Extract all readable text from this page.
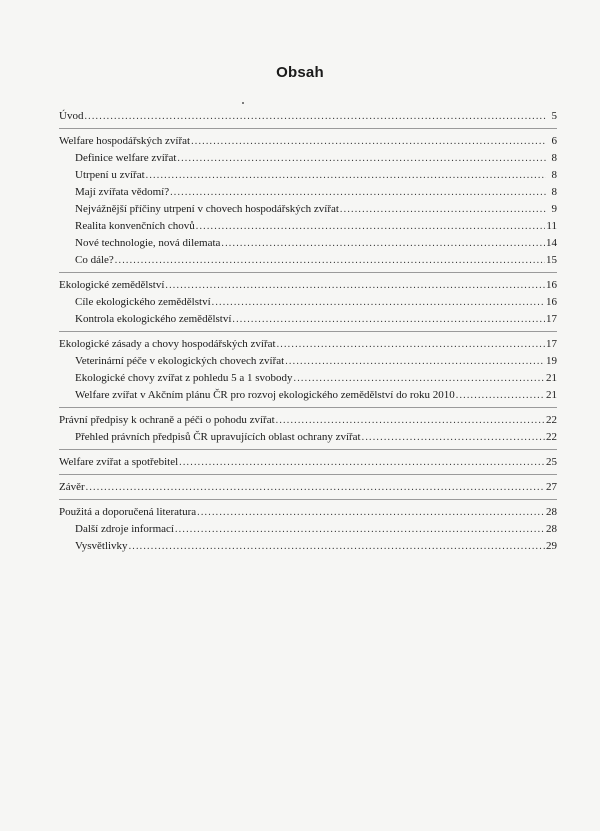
Obsah
Úvod .....	5
Welfare hospodářských zvířat .....	6
Definice welfare zvířat .....	8
Utrpení u zvířat .....	8
Mají zvířata vědomí? .....	8
Nejvážnější příčiny utrpení v chovech hospodářských zvířat .....	9
Realita konvenčních chovů .....	11
Nové technologie, nová dilemata .....	14
Co dále? .....	15
Ekologické zemědělství .....	16
Cíle ekologického zemědělství .....	16
Kontrola ekologického zemědělství .....	17
Ekologické zásady a chovy hospodářských zvířat .....	17
Veterinární péče v ekologických chovech zvířat .....	19
Ekologické chovy zvířat z pohledu 5 a 1 svobody .....	21
Welfare zvířat v Akčním plánu ČR pro rozvoj ekologického zemědělství do roku 2010 .....	21
Právní předpisy k ochraně a péči o pohodu zvířat .....	22
Přehled právních předpisů ČR upravujících oblast ochrany zvířat .....	22
Welfare zvířat a spotřebitel .....	25
Závěr .....	27
Použitá a doporučená literatura .....	28
Další zdroje informací .....	28
Vysvětlivky .....	29
